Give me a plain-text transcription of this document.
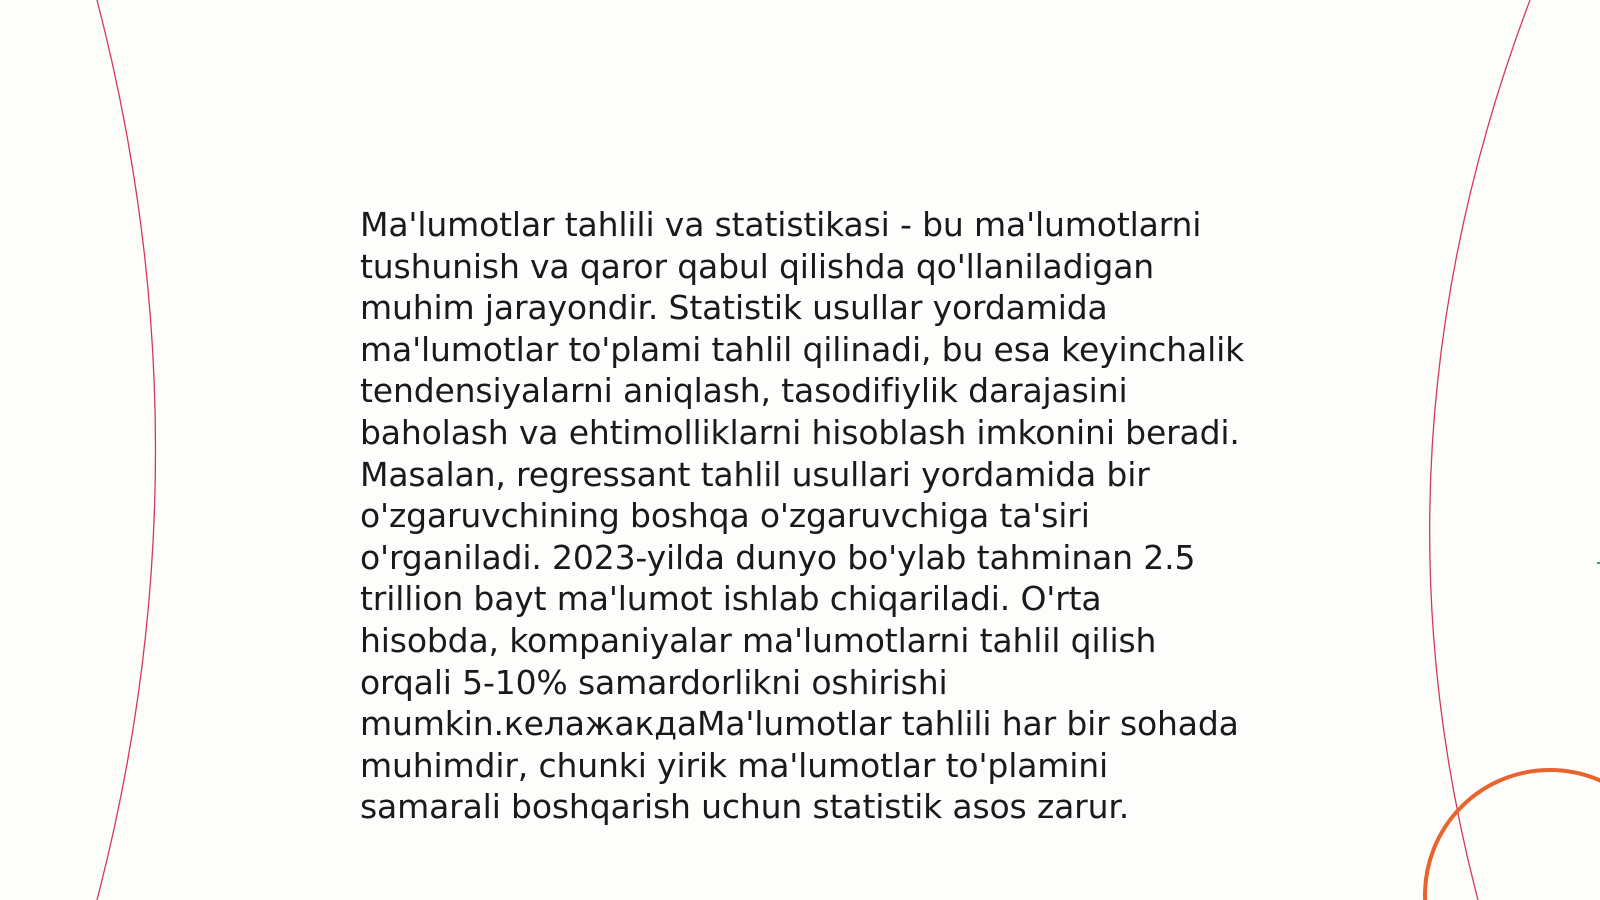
Ma'lumotlar tahlili va statistikasi - bu ma'lumotlarni
tushunish va qaror qabul qilishda qo'llaniladigan
muhim jarayondir. Statistik usullar yordamida
ma'lumotlar to'plami tahlil qilinadi, bu esa keyinchalik
tendensiyalarni aniqlash, tasodifiylik darajasini
baholash va ehtimolliklarni hisoblash imkonini beradi.
Masalan, regressant tahlil usullari yordamida bir
o'zgaruvchining boshqa o'zgaruvchiga ta'siri
o'rganiladi. 2023-yilda dunyo bo'ylab tahminan 2.5
trillion bayt ma'lumot ishlab chiqariladi. O'rta
hisobda, kompaniyalar ma'lumotlarni tahlil qilish
orqali 5-10% samardorlikni oshirishi
mumkin.келажакдаMa'lumotlar tahlili har bir sohada
muhimdir, chunki yirik ma'lumotlar to'plamini
samarali boshqarish uchun statistik asos zarur.
